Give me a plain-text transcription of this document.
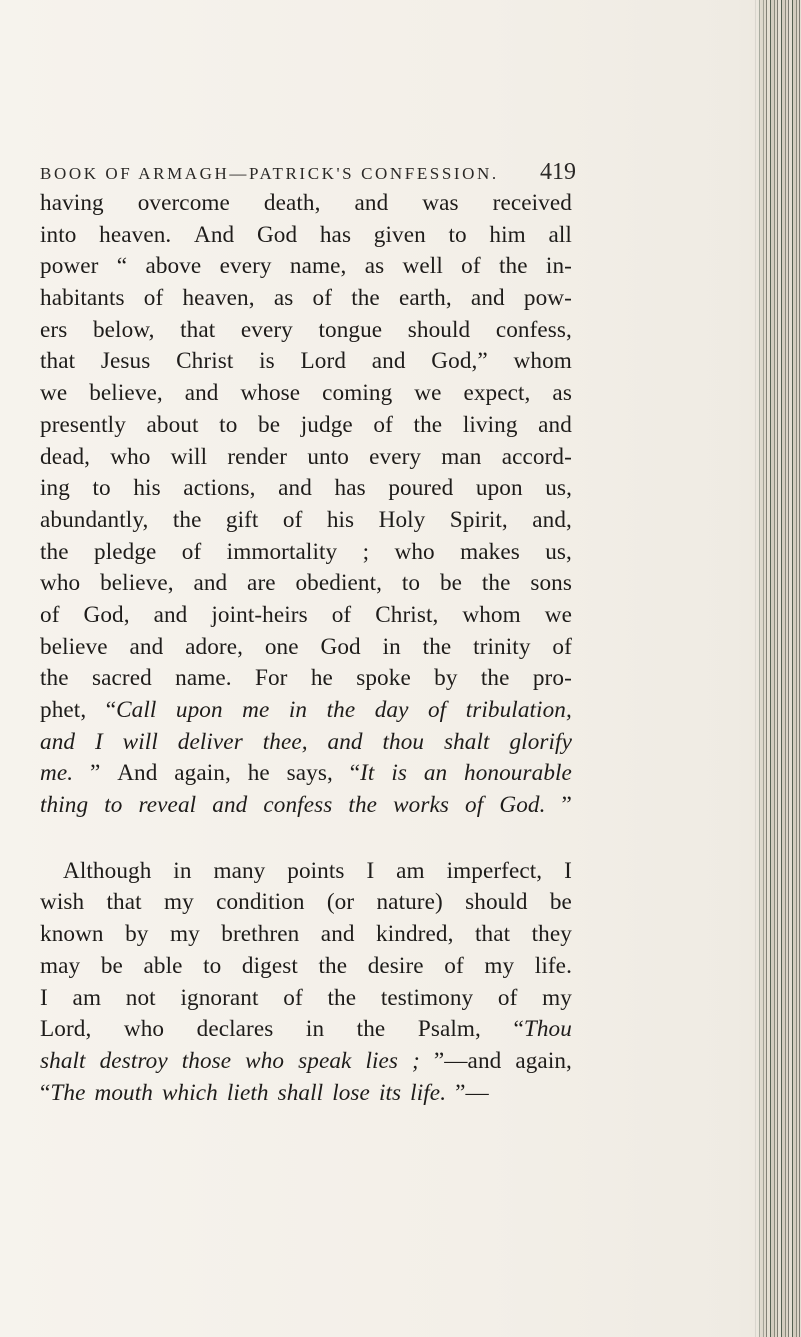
BOOK OF ARMAGH—PATRICK'S CONFESSION. 419
having overcome death, and was received
into heaven. And God has given to him all
power “ above every name, as well of the in-
habitants of heaven, as of the earth, and pow-
ers below, that every tongue should confess,
that Jesus Christ is Lord and God,” whom
we believe, and whose coming we expect, as
presently about to be judge of the living and
dead, who will render unto every man accord-
ing to his actions, and has poured upon us,
abundantly, the gift of his Holy Spirit, and,
the pledge of immortality ; who makes us,
who believe, and are obedient, to be the sons
of God, and joint-heirs of Christ, whom we
believe and adore, one God in the trinity of
the sacred name. For he spoke by the pro-
phet, “Call upon me in the day of tribulation,
and I will deliver thee, and thou shalt glorify
me. ” And again, he says, “It is an honourable
thing to reveal and confess the works of God. ”
Although in many points I am imperfect, I
wish that my condition (or nature) should be
known by my brethren and kindred, that they
may be able to digest the desire of my life.
I am not ignorant of the testimony of my
Lord, who declares in the Psalm, “Thou
shalt destroy those who speak lies ; ”—and again,
“The mouth which lieth shall lose its life. ”—
